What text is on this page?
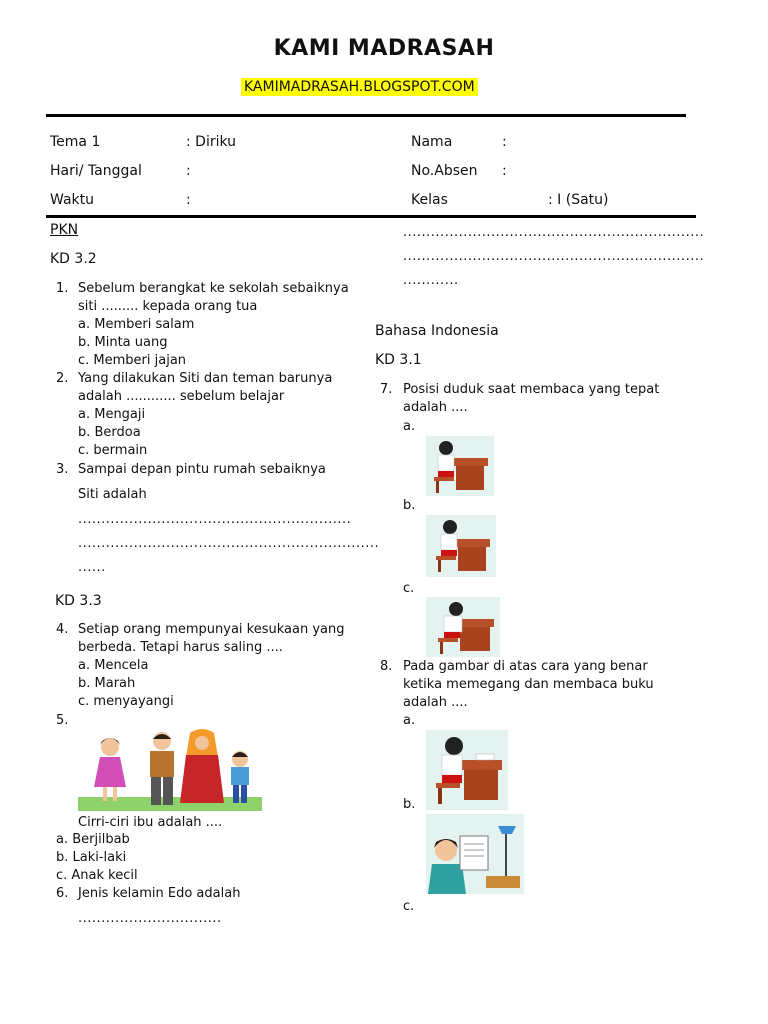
KAMI MADRASAH
KAMIMADRASAH.BLOGSPOT.COM
Tema 1	: Diriku
Hari/ Tanggal	:
Waktu	:
Nama	:
No.Absen :
Kelas	: I (Satu)
PKN
KD 3.2
1. Sebelum berangkat ke sekolah sebaiknya
siti ......... kepada orang tua
a. Memberi salam
b. Minta uang
c. Memberi jajan
2. Yang dilakukan Siti dan teman barunya
adalah ............ sebelum belajar
a. Mengaji
b. Berdoa
c. bermain
3. Sampai depan pintu rumah sebaiknya
Siti adalah
...........................................................
.................................................................
......
KD 3.3
4. Setiap orang mempunyai kesukaan yang
berbeda. Tetapi harus saling ....
a. Mencela
b. Marah
c. menyayangi
5.
Cirri-ciri ibu adalah ....
a. Berjilbab
b. Laki-laki
c. Anak kecil
6. Jenis kelamin Edo adalah
...............................
.................................................................
.................................................................
............
Bahasa Indonesia
KD 3.1
7. Posisi duduk saat membaca yang tepat
adalah ....
a.
b.
c.
8. Pada gambar di atas cara yang benar
ketika memegang dan membaca buku
adalah ....
a.
b.
c.
